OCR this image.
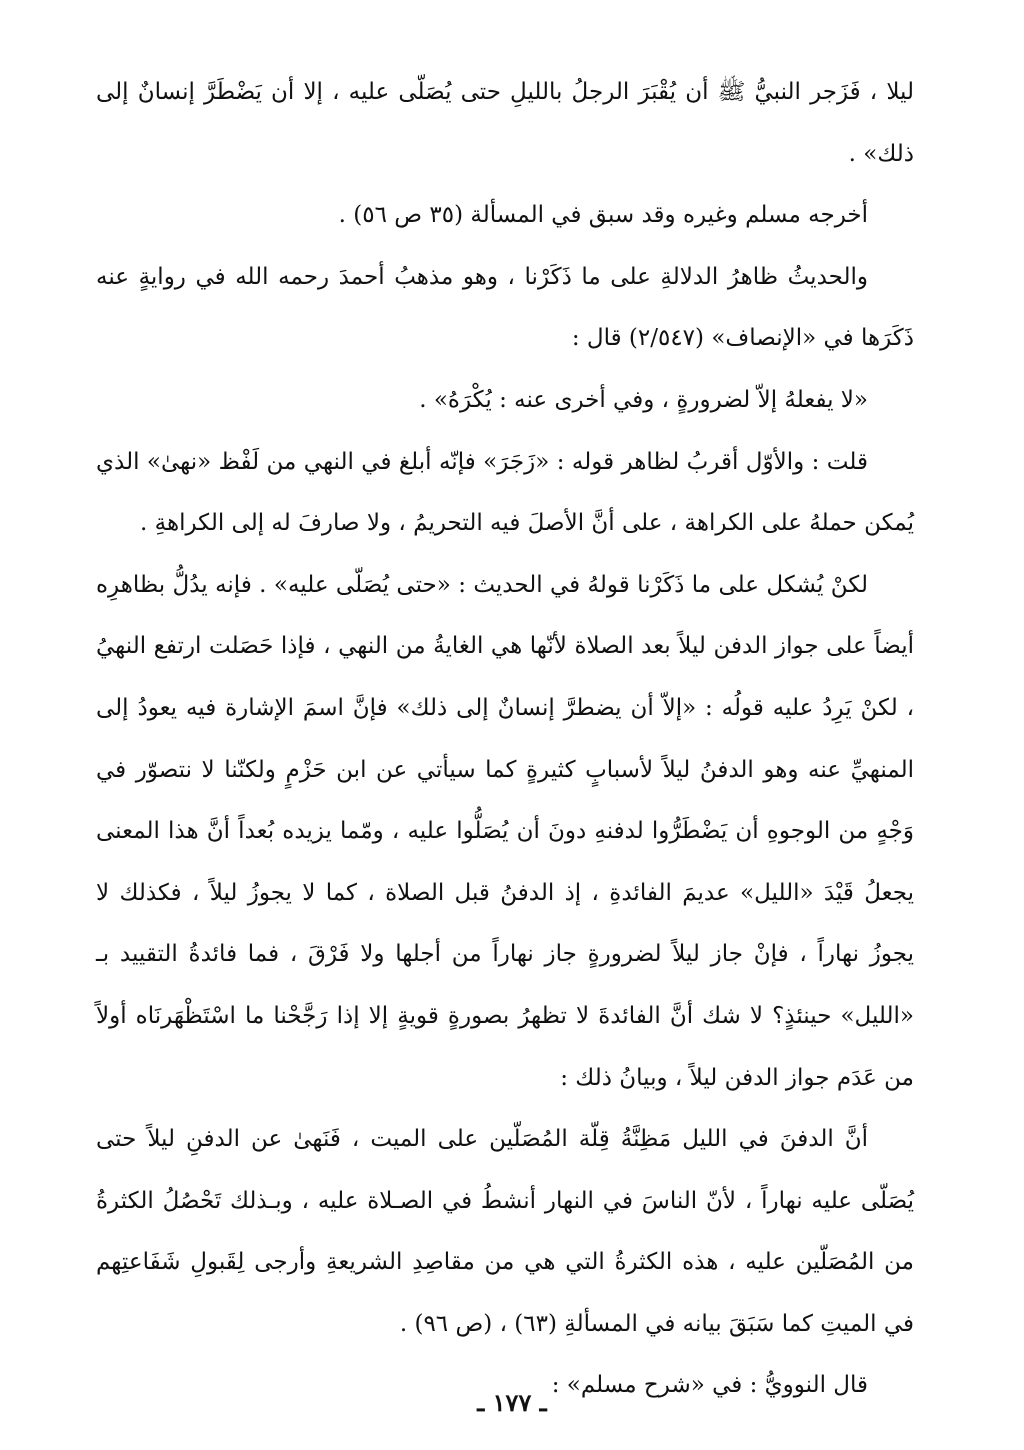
ليلا ، فَزَجر النبيُّ ﷺ أن يُقْبَرَ الرجلُ بالليلِ حتى يُصَلّى عليه ، إلا أن يَضْطَرَّ إنسانٌ إلى ذلك» .

أخرجه مسلم وغيره وقد سبق في المسألة (٣٥ ص ٥٦) .

والحديثُ ظاهرُ الدلالةِ على ما ذَكَرْنا ، وهو مذهبُ أحمدَ رحمه الله في روايةٍ عنه ذَكَرَها في «الإنصاف» (٢/٥٤٧) قال :

«لا يفعلهُ إلاّ لضرورةٍ ، وفي أخرى عنه : يُكْرَهُ» .

قلت : والأوّل أقربُ لظاهر قوله : «زَجَرَ» فإنّه أبلغ في النهي من لَفْظ «نهىٰ» الذي يُمكن حملهُ على الكراهة ، على أنَّ الأصلَ فيه التحريمُ ، ولا صارفَ له إلى الكراهةِ .

لكنْ يُشكل على ما ذَكَرْنا قولهُ في الحديث : «حتى يُصَلّى عليه» . فإنه يدُلُّ بظاهرِه أيضاً على جواز الدفن ليلاً بعد الصلاة لأنّها هي الغايةُ من النهي ، فإذا حَصَلت ارتفع النهيُ ، لكنْ يَرِدُ عليه قولُه : «إلاّ أن يضطرَّ إنسانٌ إلى ذلك» فإنَّ اسمَ الإشارة فيه يعودُ إلى المنهيِّ عنه وهو الدفنُ ليلاً لأسبابٍ كثيرةٍ كما سيأتي عن ابن حَزْمٍ ولكنّنا لا نتصوّر في وَجْهٍ من الوجوهِ أن يَضْطَرُّوا لدفنهِ دونَ أن يُصَلُّوا عليه ، ومّما يزيده بُعداً أنَّ هذا المعنى يجعلُ قَيْدَ «الليل» عديمَ الفائدةِ ، إذ الدفنُ قبل الصلاة ، كما لا يجوزُ ليلاً ، فكذلك لا يجوزُ نهاراً ، فإنْ جاز ليلاً لضرورةٍ جاز نهاراً من أجلها ولا فَرْقَ ، فما فائدةُ التقييد بـ «الليل» حينئذٍ؟ لا شك أنَّ الفائدةَ لا تظهرُ بصورةٍ قويةٍ إلا إذا رَجَّحْنا ما اسْتَظْهَرنَاه أولاً من عَدَم جواز الدفن ليلاً ، وبيانُ ذلك :

أنَّ الدفنَ في الليل مَظِنَّةُ قِلّة المُصَلّين على الميت ، فَنَهىٰ عن الدفنِ ليلاً حتى يُصَلّى عليه نهاراً ، لأنّ الناسَ في النهار أنشطُ في الصـلاة عليه ، وبـذلك تَحْصُلُ الكثرةُ من المُصَلّين عليه ، هذه الكثرةُ التي هي من مقاصِدِ الشريعةِ وأرجى لِقَبولِ شَفَاعتِهم في الميتِ كما سَبَقَ بيانه في المسألةِ (٦٣) ، (ص ٩٦) .

قال النوويُّ : في «شرح مسلم» :

ـ ١٧٧ ـ
